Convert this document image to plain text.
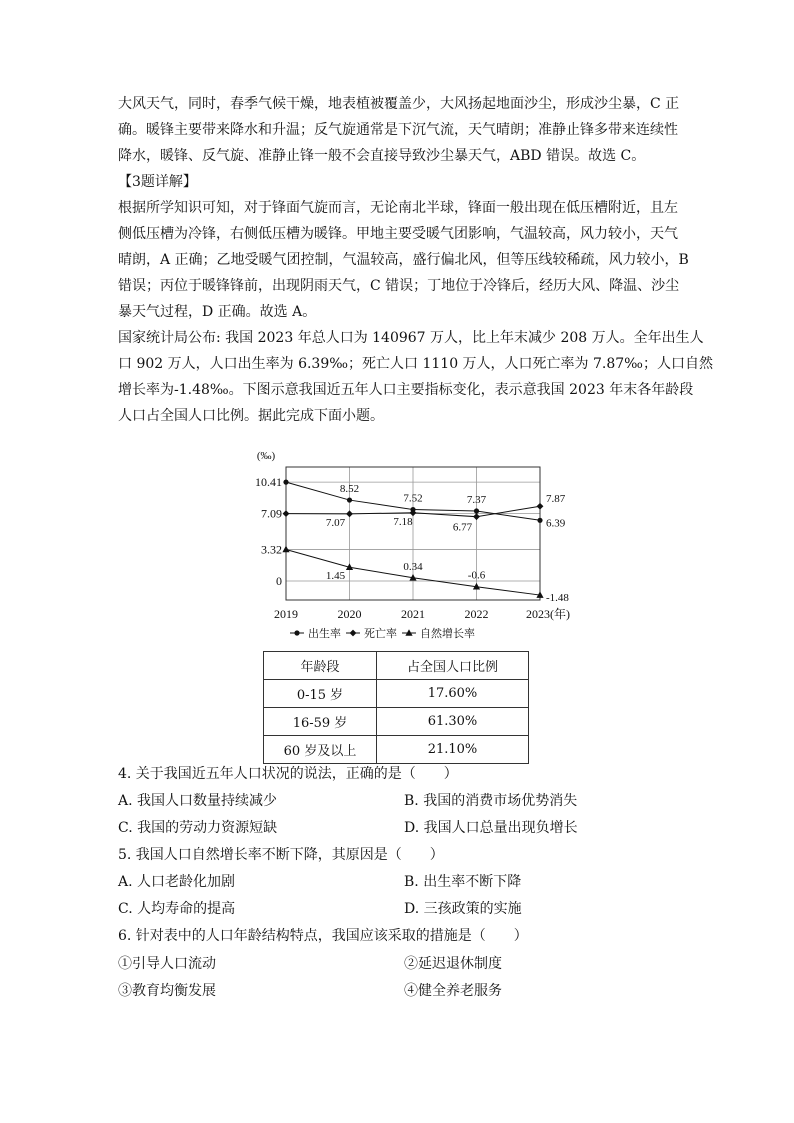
大风天气，同时，春季气候干燥，地表植被覆盖少，大风扬起地面沙尘，形成沙尘暴，C 正
确。暖锋主要带来降水和升温；反气旋通常是下沉气流，天气晴朗；准静止锋多带来连续性
降水，暖锋、反气旋、准静止锋一般不会直接导致沙尘暴天气，ABD 错误。故选 C。
【3题详解】
根据所学知识可知，对于锋面气旋而言，无论南北半球，锋面一般出现在低压槽附近，且左
侧低压槽为冷锋，右侧低压槽为暖锋。甲地主要受暖气团影响，气温较高，风力较小，天气
晴朗，A 正确；乙地受暖气团控制，气温较高，盛行偏北风，但等压线较稀疏，风力较小，B
错误；丙位于暖锋锋前，出现阴雨天气，C 错误；丁地位于冷锋后，经历大风、降温、沙尘
暴天气过程，D 正确。故选 A。
国家统计局公布: 我国 2023 年总人口为 140967 万人，比上年末减少 208 万人。全年出生人
口 902 万人，人口出生率为 6.39‰；死亡人口 1110 万人，人口死亡率为 7.87‰；人口自然
增长率为-1.48‰。下图示意我国近五年人口主要指标变化，表示意我国 2023 年末各年龄段
人口占全国人口比例。据此完成下面小题。
(‰)
10.41
7.09
3.32
0
2019	2020	2021	2022	2023(年)
8.52
7.52	7.37
6.39
7.07	7.18	6.77
7.87
1.45
0.34
-0.6
-1.48
出生率 死亡率 自然增长率
年龄段	占全国人口比例
0-15 岁	17.60%
16-59 岁	61.30%
60 岁及以上	21.10%
4. 关于我国近五年人口状况的说法，正确的是（　　）
A. 我国人口数量持续减少	B. 我国的消费市场优势消失
C. 我国的劳动力资源短缺	D. 我国人口总量出现负增长
5. 我国人口自然增长率不断下降，其原因是（　　）
A. 人口老龄化加剧	B. 出生率不断下降
C. 人均寿命的提高	D. 三孩政策的实施
6. 针对表中的人口年龄结构特点，我国应该采取的措施是（　　）
①引导人口流动	②延迟退休制度
③教育均衡发展	④健全养老服务
